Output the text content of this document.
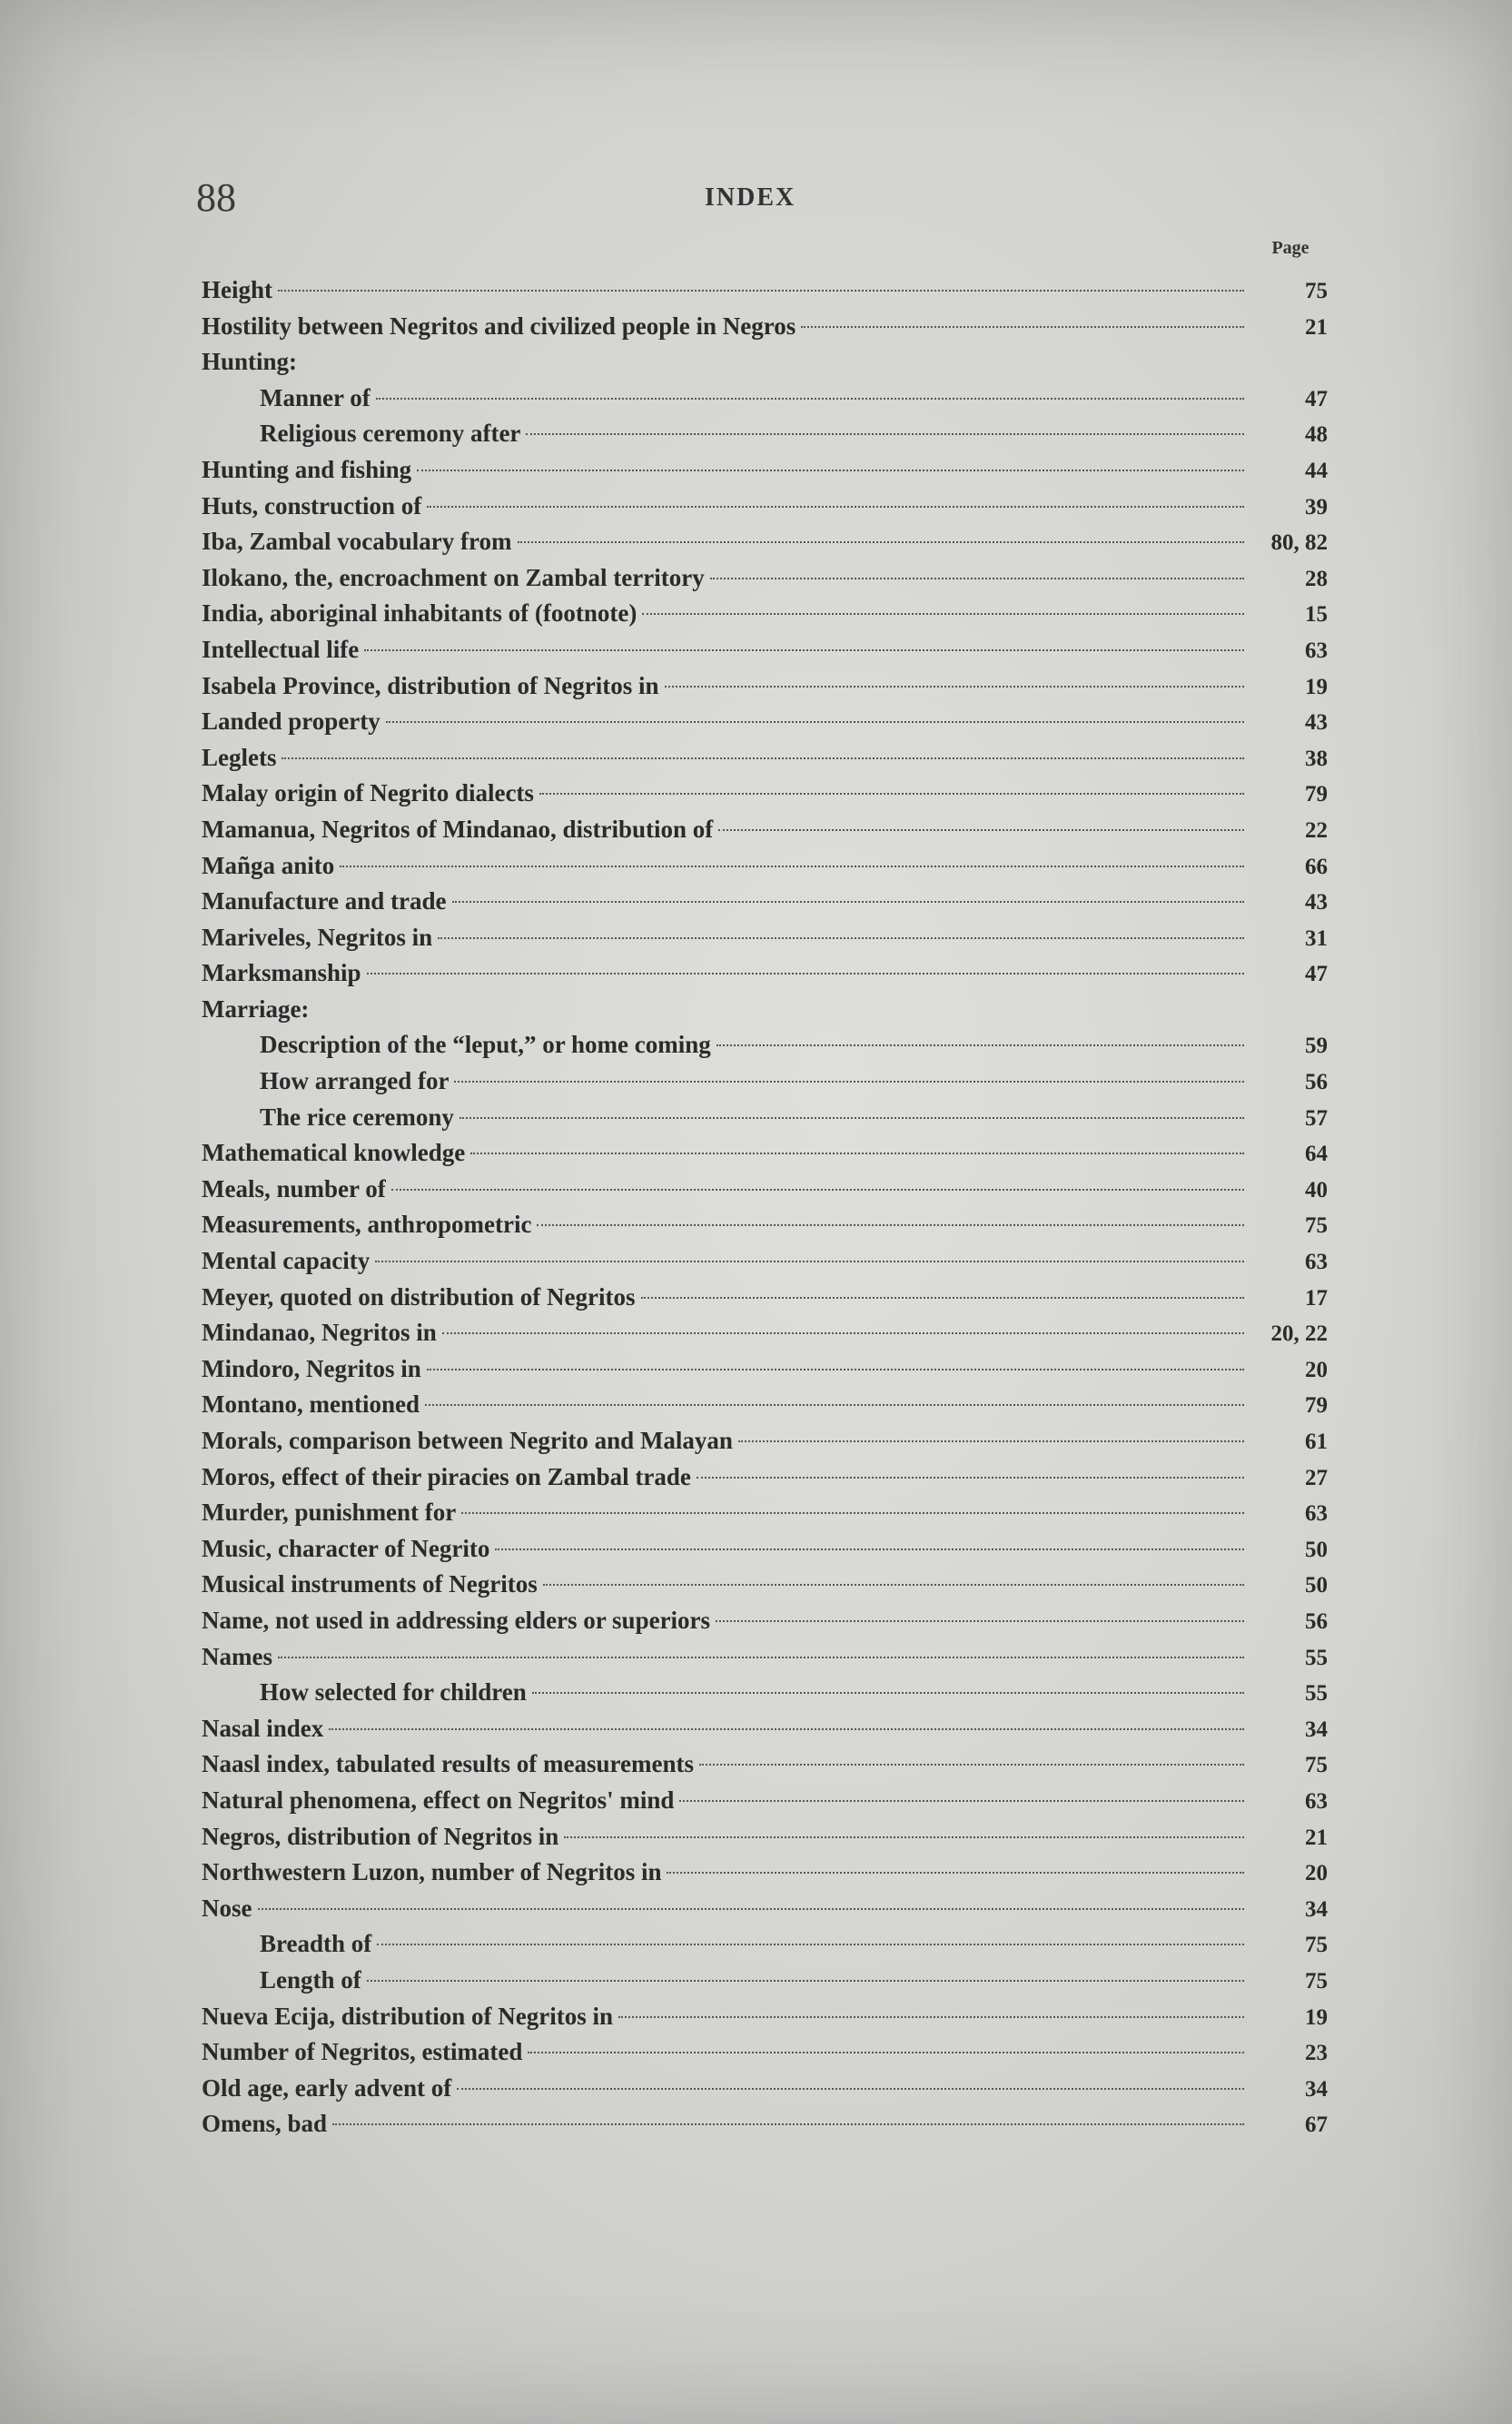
88	INDEX
Page
Height	75
Hostility between Negritos and civilized people in Negros	21
Hunting:
Manner of	47
Religious ceremony after	48
Hunting and fishing	44
Huts, construction of	39
Iba, Zambal vocabulary from	80, 82
Ilokano, the, encroachment on Zambal territory	28
India, aboriginal inhabitants of (footnote)	15
Intellectual life	63
Isabela Province, distribution of Negritos in	19
Landed property	43
Leglets	38
Malay origin of Negrito dialects	79
Mamanua, Negritos of Mindanao, distribution of	22
Mañga anito	66
Manufacture and trade	43
Mariveles, Negritos in	31
Marksmanship	47
Marriage:
Description of the “leput,” or home coming	59
How arranged for	56
The rice ceremony	57
Mathematical knowledge	64
Meals, number of	40
Measurements, anthropometric	75
Mental capacity	63
Meyer, quoted on distribution of Negritos	17
Mindanao, Negritos in	20, 22
Mindoro, Negritos in	20
Montano, mentioned	79
Morals, comparison between Negrito and Malayan	61
Moros, effect of their piracies on Zambal trade	27
Murder, punishment for	63
Music, character of Negrito	50
Musical instruments of Negritos	50
Name, not used in addressing elders or superiors	56
Names	55
How selected for children	55
Nasal index	34
Naasl index, tabulated results of measurements	75
Natural phenomena, effect on Negritos' mind	63
Negros, distribution of Negritos in	21
Northwestern Luzon, number of Negritos in	20
Nose	34
Breadth of	75
Length of	75
Nueva Ecija, distribution of Negritos in	19
Number of Negritos, estimated	23
Old age, early advent of	34
Omens, bad	67
